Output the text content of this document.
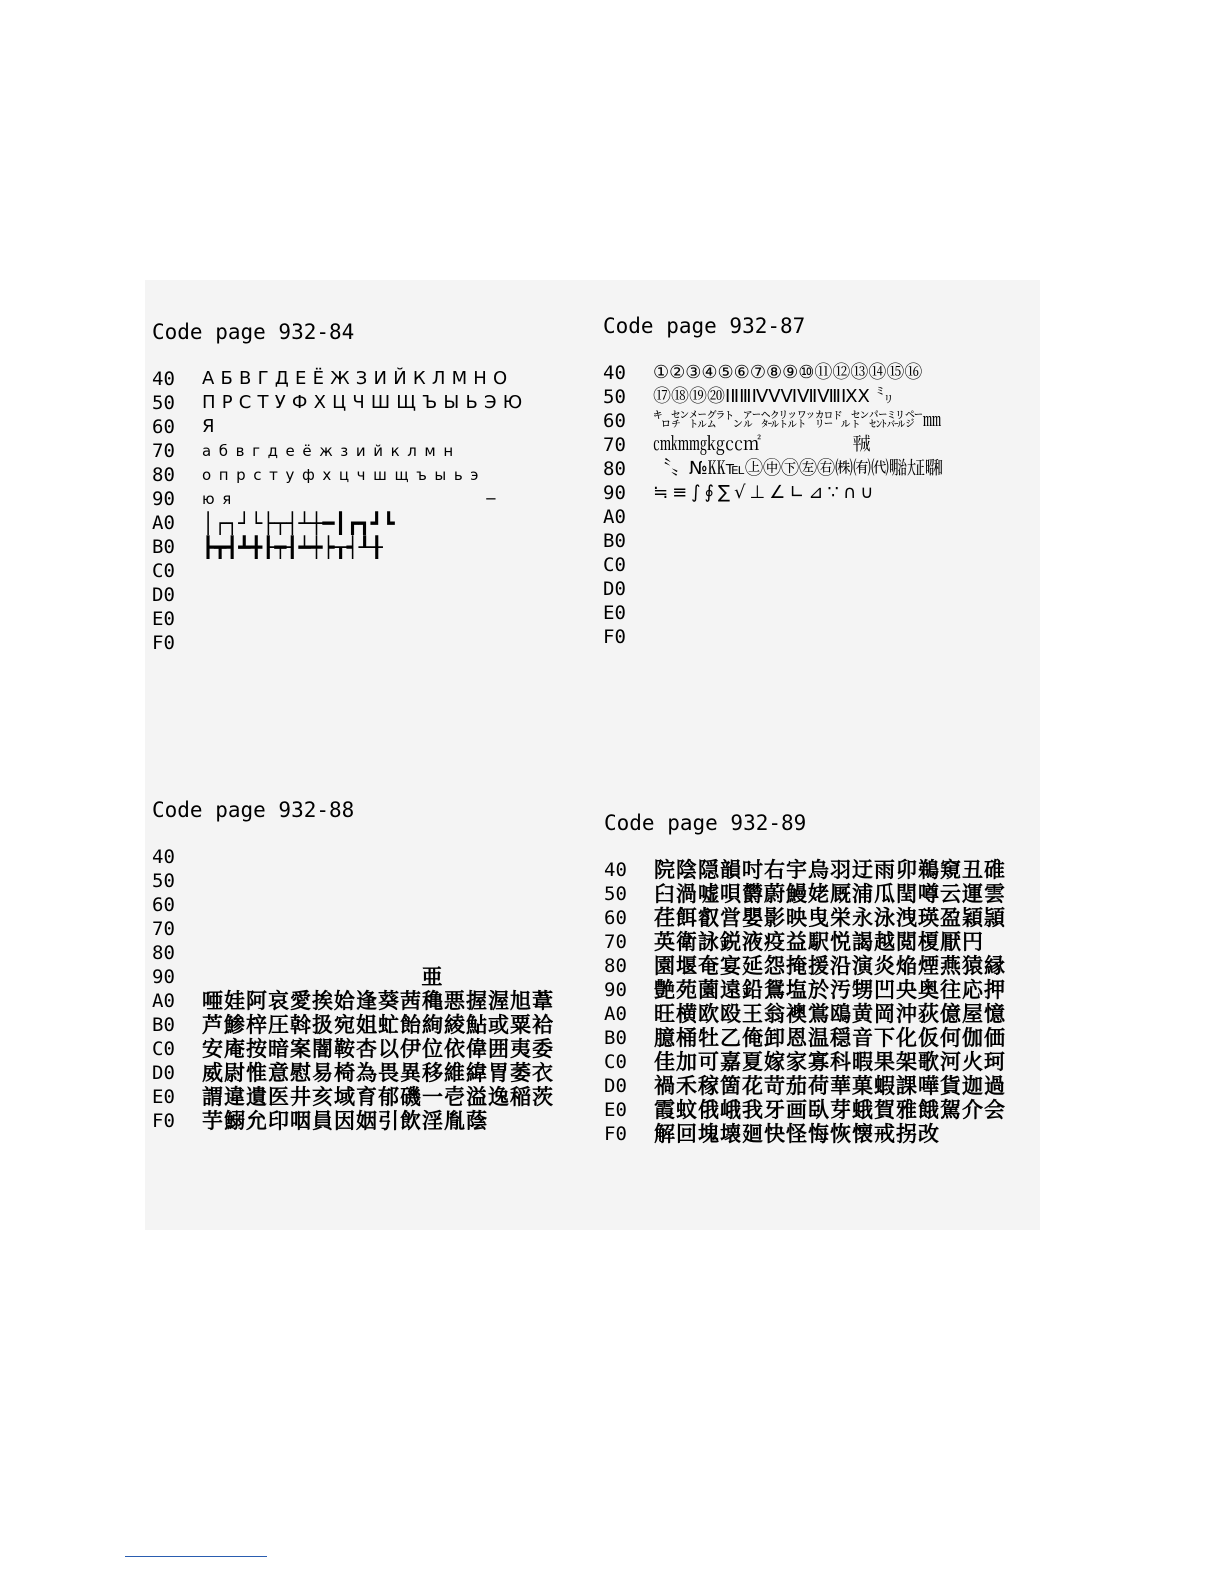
Code page 932-84
40	АБВГДЕЁЖЗИЙКЛМНО
50	ПРСТУФХЦЧШЩЪЫЬЭЮ
60	Я
70	абвгдеёжзийклмн
80	опрстуфхцчшщъыьэ
90	юя                    ─
A0	│┌┐┘└├┬┤┴┼━┃┏┓┛┗
B0	┣┳┫┻╋┠┯┨┷┿┝┰┥┸╂
C0
D0
E0
F0
Code page 932-87
40	①②③④⑤⑥⑦⑧⑨⑩⑪⑫⑬⑭⑮⑯
50	⑰⑱⑲⑳ⅠⅡⅢⅣⅤⅥⅦⅧⅨⅩ ㍉
60	㌔㌢㍍㌘㌧㌃㌶㍑㍗㌍㌦㌣㌫㍊㌻㎜
70	㎝㎞㎎㎏㏄㎡                ㍻
80	〝〟№㏍℡㊤㊥㊦㊧㊨㈱㈲㈹㍾㍽㍼
90	≒≡∫∮∑√⊥∠∟⊿∵∩∪
A0
B0
C0
D0
E0
F0
Code page 932-88
40
50
60
70
80
90	亜
A0	唖娃阿哀愛挨姶逢葵茜穐悪握渥旭葦
B0	芦鯵梓圧斡扱宛姐虻飴絢綾鮎或粟袷
C0	安庵按暗案闇鞍杏以伊位依偉囲夷委
D0	威尉惟意慰易椅為畏異移維緯胃萎衣
E0	謂違遺医井亥域育郁磯一壱溢逸稲茨
F0	芋鰯允印咽員因姻引飲淫胤蔭
Code page 932-89
40	院陰隠韻吋右宇烏羽迂雨卯鵜窺丑碓
50	臼渦嘘唄欝蔚鰻姥厩浦瓜閏噂云運雲
60	荏餌叡営嬰影映曳栄永泳洩瑛盈穎頴
70	英衛詠鋭液疫益駅悦謁越閲榎厭円
80	園堰奄宴延怨掩援沿演炎焔煙燕猿縁
90	艶苑薗遠鉛鴛塩於汚甥凹央奥往応押
A0	旺横欧殴王翁襖鴬鴎黄岡沖荻億屋憶
B0	臆桶牡乙俺卸恩温穏音下化仮何伽価
C0	佳加可嘉夏嫁家寡科暇果架歌河火珂
D0	禍禾稼箇花苛茄荷華菓蝦課嘩貨迦過
E0	霞蚊俄峨我牙画臥芽蛾賀雅餓駕介会
F0	解回塊壊廻快怪悔恢懐戒拐改
